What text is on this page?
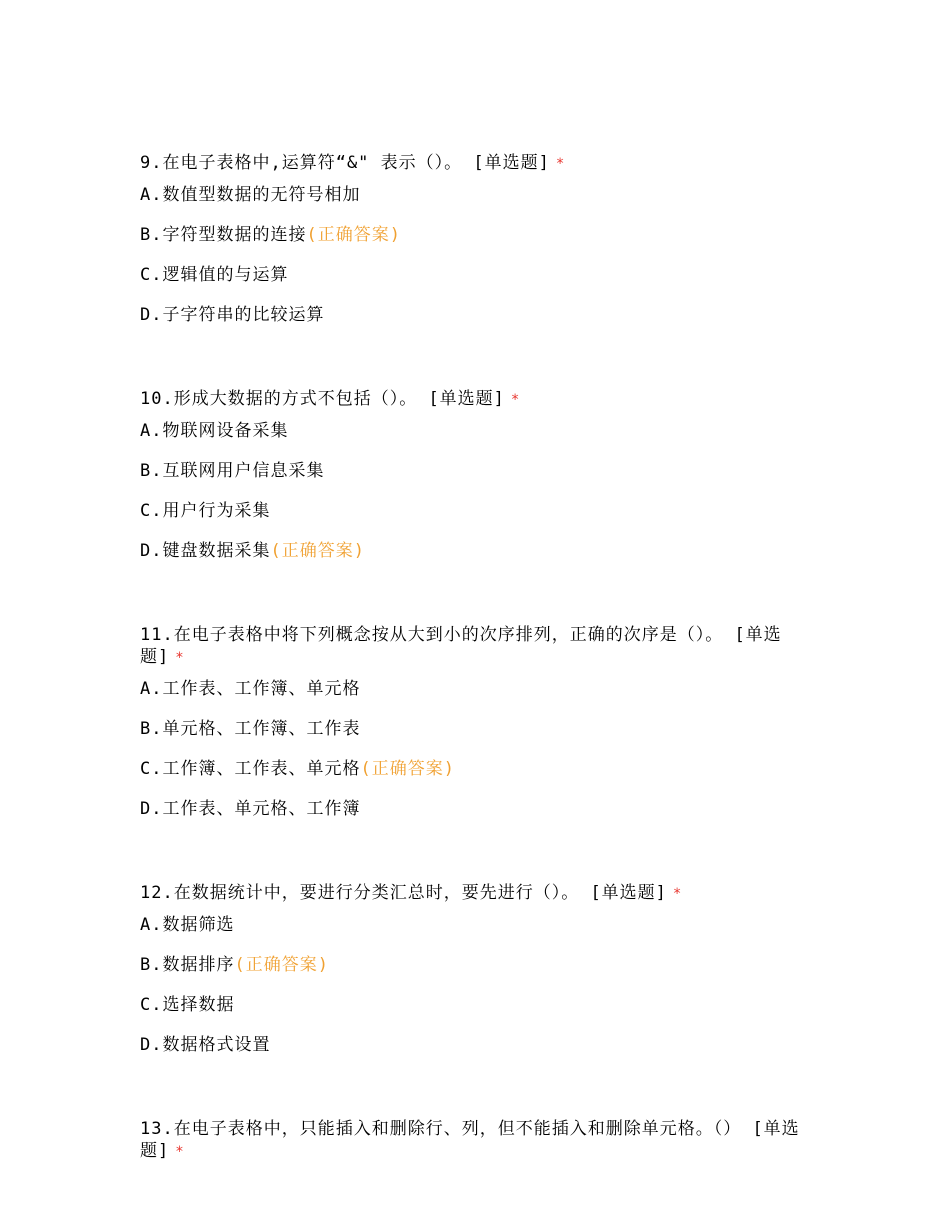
9.在电子表格中,运算符“&" 表示（）。 [单选题] *
A.数值型数据的无符号相加
B.字符型数据的连接(正确答案)
C.逻辑值的与运算
D.子字符串的比较运算
10.形成大数据的方式不包括（）。 [单选题] *
A.物联网设备采集
B.互联网用户信息采集
C.用户行为采集
D.键盘数据采集(正确答案)
11.在电子表格中将下列概念按从大到小的次序排列，正确的次序是（）。 [单选题] *
A.工作表、工作簿、单元格
B.单元格、工作簿、工作表
C.工作簿、工作表、单元格(正确答案)
D.工作表、单元格、工作簿
12.在数据统计中，要进行分类汇总时，要先进行（）。 [单选题] *
A.数据筛选
B.数据排序(正确答案)
C.选择数据
D.数据格式设置
13.在电子表格中，只能插入和删除行、列，但不能插入和删除单元格。（） [单选题] *
